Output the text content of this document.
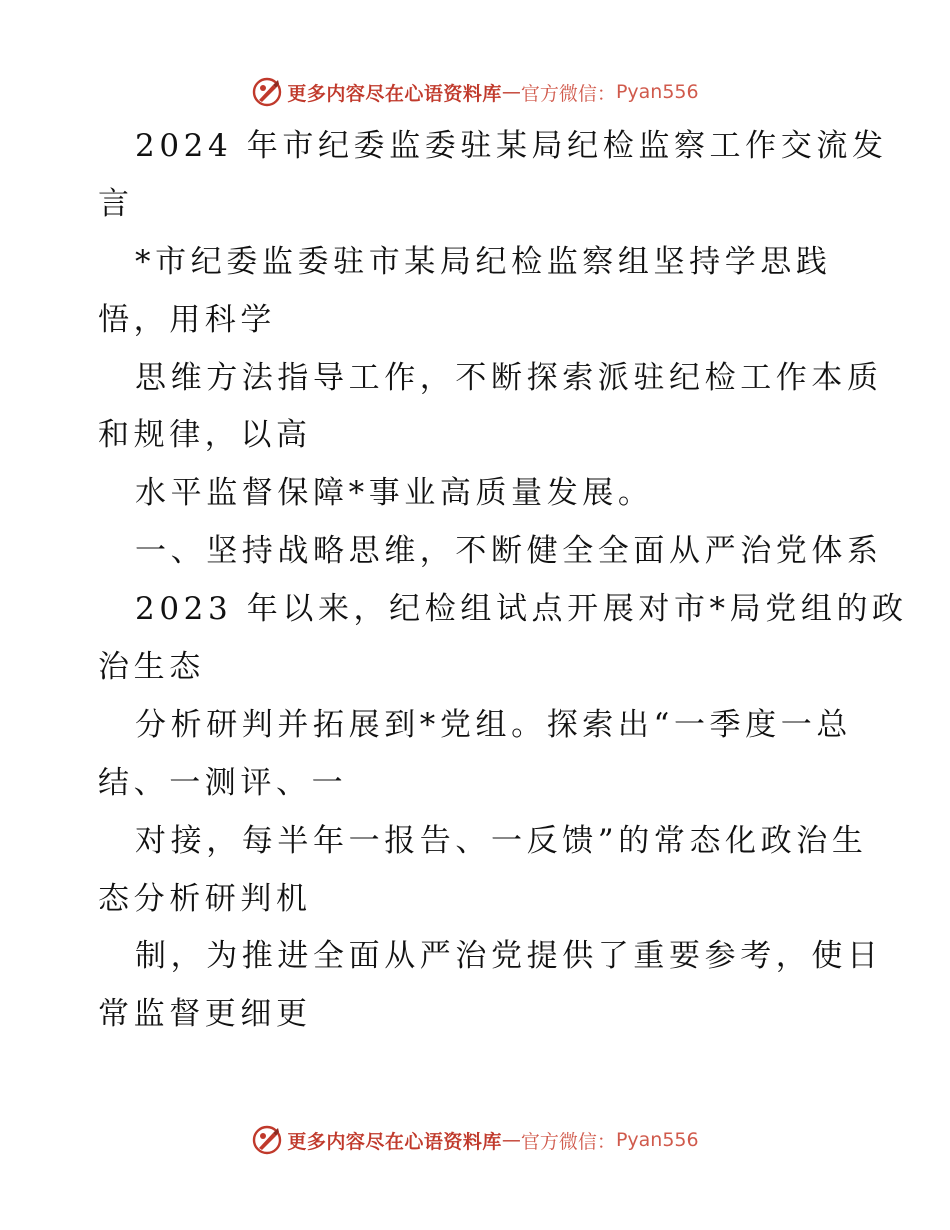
更多内容尽在心语资料库 — 官方微信： Pyan556
2024 年市纪委监委驻某局纪检监察工作交流发
言
*市纪委监委驻市某局纪检监察组坚持学思践
悟，用科学
思维方法指导工作，不断探索派驻纪检工作本质
和规律，以高
水平监督保障*事业高质量发展。
一、坚持战略思维，不断健全全面从严治党体系
2023 年以来，纪检组试点开展对市*局党组的政
治生态
分析研判并拓展到*党组。探索出“一季度一总
结、一测评、一
对接，每半年一报告、一反馈”的常态化政治生
态分析研判机
制，为推进全面从严治党提供了重要参考，使日
常监督更细更
更多内容尽在心语资料库 — 官方微信： Pyan556
